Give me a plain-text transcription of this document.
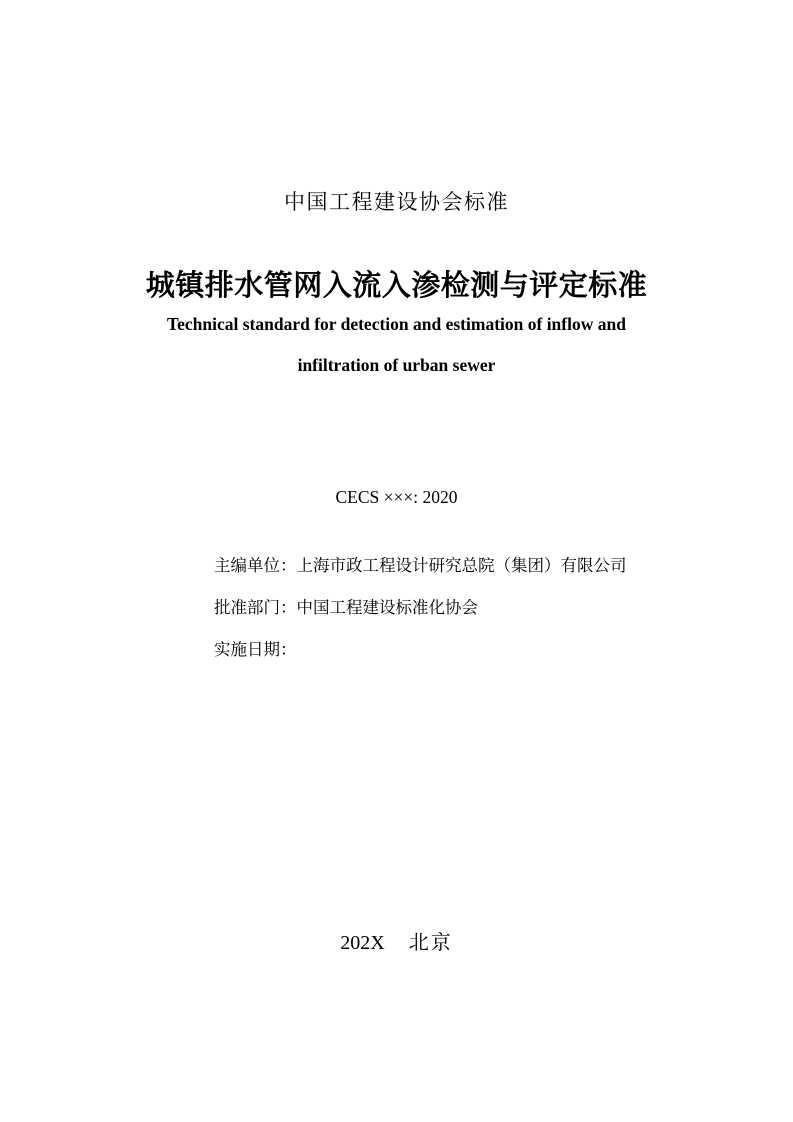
中国工程建设协会标准
城镇排水管网入流入渗检测与评定标准
Technical standard for detection and estimation of inflow and
infiltration of urban sewer
CECS ×××: 2020
主编单位：上海市政工程设计研究总院（集团）有限公司
批准部门：中国工程建设标准化协会
实施日期：
202X 北京
